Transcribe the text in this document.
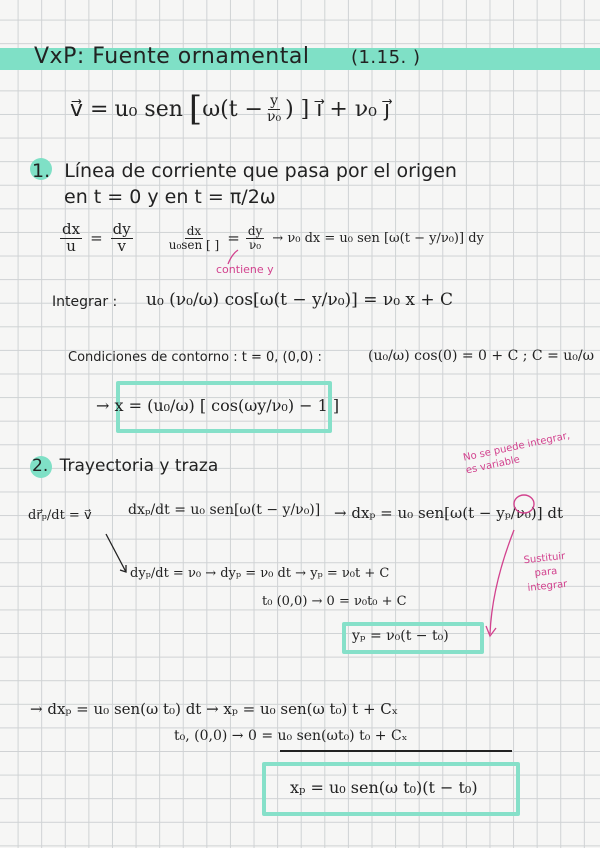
VxP: Fuente ornamental (1.15. )
v⃗ = u₀ sen [ $\omega(t - \frac{y}{\text{ν₀}}$ ) ] i⃗ + ν₀ j⃗
1. Línea de corriente que pasa por el origen
en t = 0 y en t = π/2ω
$\frac{dx}{u} = \frac{dy}{v}$	$\frac{dx}{\text{u₀sen [ ]}} = \frac{dy}{\text{ν₀}} \to \nu_0$ dx = u₀ sen [ω(t − y/ν₀)] dy
contiene y
Integrar : u₀ (ν₀/ω) cos[ω(t − y/ν₀)] = ν₀ x + C
Condiciones de contorno : t = 0, (0,0) :	(u₀/ω) cos(0) = 0 + C ; C = u₀/ω
→ x = (u₀/ω) [ cos(ωy/ν₀) − 1 ]
2. Trayectoria y traza
No se puede integrar, es variable
dr⃗ₚ/dt = v⃗	dxₚ/dt = u₀ sen[ω(t − y/ν₀)] → dxₚ = u₀ sen[ω(t − yₚ/ν₀)] dt
dyₚ/dt = ν₀ → dyₚ = ν₀ dt → yₚ = ν₀t + C
t₀ (0,0) → 0 = ν₀t₀ + C
Sustituir para integrar
yₚ = ν₀(t − t₀)
→ dxₚ = u₀ sen(ω t₀) dt → xₚ = u₀ sen(ω t₀) t + Cₓ
t₀, (0,0) → 0 = u₀ sen(ωt₀) t₀ + Cₓ
xₚ = u₀ sen(ω t₀)(t − t₀)
